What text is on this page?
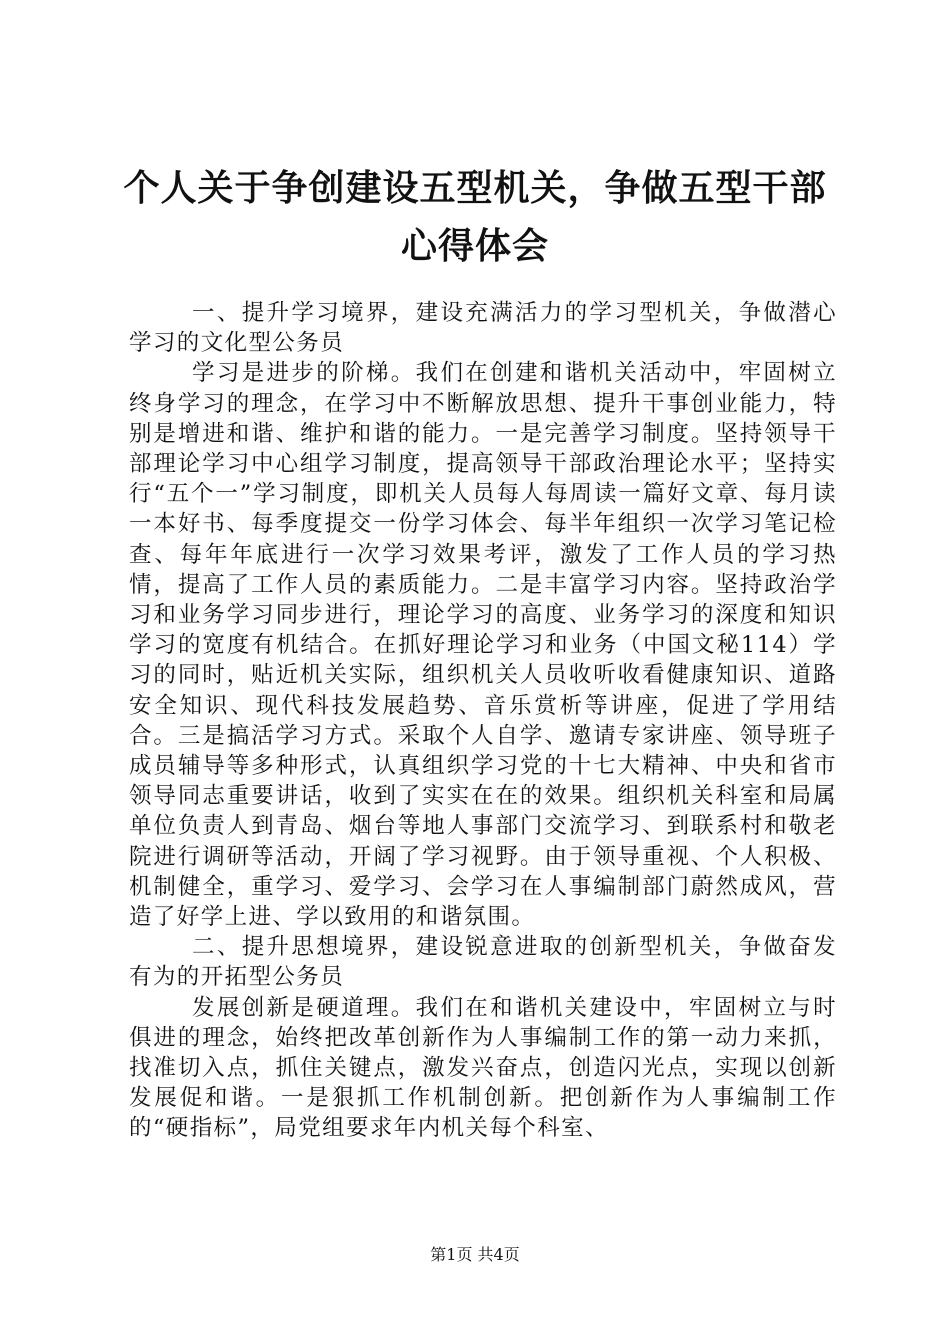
个人关于争创建设五型机关，争做五型干部心得体会

一、提升学习境界，建设充满活力的学习型机关，争做潜心学习的文化型公务员

学习是进步的阶梯。我们在创建和谐机关活动中，牢固树立终身学习的理念，在学习中不断解放思想、提升干事创业能力，特别是增进和谐、维护和谐的能力。一是完善学习制度。坚持领导干部理论学习中心组学习制度，提高领导干部政治理论水平；坚持实行“五个一”学习制度，即机关人员每人每周读一篇好文章、每月读一本好书、每季度提交一份学习体会、每半年组织一次学习笔记检查、每年年底进行一次学习效果考评，激发了工作人员的学习热情，提高了工作人员的素质能力。二是丰富学习内容。坚持政治学习和业务学习同步进行，理论学习的高度、业务学习的深度和知识学习的宽度有机结合。在抓好理论学习和业务（中国文秘114）学习的同时，贴近机关实际，组织机关人员收听收看健康知识、道路安全知识、现代科技发展趋势、音乐赏析等讲座，促进了学用结合。三是搞活学习方式。采取个人自学、邀请专家讲座、领导班子成员辅导等多种形式，认真组织学习党的十七大精神、中央和省市领导同志重要讲话，收到了实实在在的效果。组织机关科室和局属单位负责人到青岛、烟台等地人事部门交流学习、到联系村和敬老院进行调研等活动，开阔了学习视野。由于领导重视、个人积极、机制健全，重学习、爱学习、会学习在人事编制部门蔚然成风，营造了好学上进、学以致用的和谐氛围。

二、提升思想境界，建设锐意进取的创新型机关，争做奋发有为的开拓型公务员

发展创新是硬道理。我们在和谐机关建设中，牢固树立与时俱进的理念，始终把改革创新作为人事编制工作的第一动力来抓，找准切入点，抓住关键点，激发兴奋点，创造闪光点，实现以创新发展促和谐。一是狠抓工作机制创新。把创新作为人事编制工作的“硬指标”，局党组要求年内机关每个科室、

第1页 共4页
